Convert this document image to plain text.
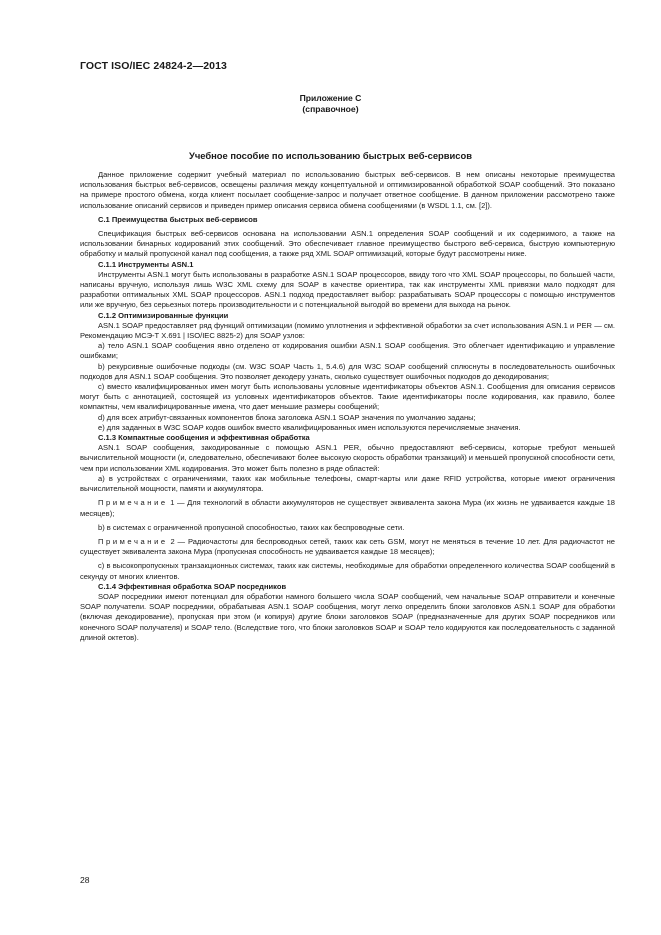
ГОСТ ISO/IEC 24824-2—2013
Приложение С
(справочное)
Учебное пособие по использованию быстрых веб-сервисов

Данное приложение содержит учебный материал по использованию быстрых веб-сервисов. В нем описаны некоторые преимущества использования быстрых веб-сервисов, освещены различия между концептуальной и оптимизированной обработкой SOAP сообщений. Это показано на примере простого обмена, когда клиент посылает сообщение-запрос и получает ответное сообщение. В данном приложении рассмотрено также использование описаний сервисов и приведен пример описания сервиса обмена сообщениями (в WSDL 1.1, см. [2]).

С.1 Преимущества быстрых веб-сервисов

Спецификация быстрых веб-сервисов основана на использовании ASN.1 определения SOAP сообщений и их содержимого, а также на использовании бинарных кодирований этих сообщений. Это обеспечивает главное преимущество быстрого веб-сервиса, быструю компьютерную обработку и малый пропускной канал под сообщения, а также ряд XML SOAP оптимизаций, которые будут рассмотрены ниже.

С.1.1 Инструменты ASN.1

Инструменты ASN.1 могут быть использованы в разработке ASN.1 SOAP процессоров, ввиду того что XML SOAP процессоры, по большей части, написаны вручную, используя лишь W3C XML схему для SOAP в качестве ориентира, так как инструменты XML привязки мало подходят для разработки оптимальных XML SOAP процессоров. ASN.1 подход предоставляет выбор: разрабатывать SOAP процессоры с помощью инструментов или же вручную, без серьезных потерь производительности и с потенциальной выгодой во времени для выхода на рынок.

С.1.2 Оптимизированные функции

ASN.1 SOAP предоставляет ряд функций оптимизации (помимо уплотнения и эффективной обработки за счет использования ASN.1 и PER — см. Рекомендацию МСЭ-Т X.691 | ISO/IEC 8825-2) для SOAP узлов:

а) тело ASN.1 SOAP сообщения явно отделено от кодирования ошибки ASN.1 SOAP сообщения. Это облегчает идентификацию и управление ошибками;

b) рекурсивные ошибочные подкоды (см. W3C SOAP Часть 1, 5.4.6) для W3C SOAP сообщений сплюснуты в последовательность ошибочных подкодов для ASN.1 SOAP сообщения. Это позволяет декодеру узнать, сколько существует ошибочных подкодов до декодирования;

с) вместо квалифицированных имен могут быть использованы условные идентификаторы объектов ASN.1. Сообщения для описания сервисов могут быть с аннотацией, состоящей из условных идентификаторов объектов. Такие идентификаторы после кодирования, как правило, более компактны, чем квалифицированные имена, что дает меньшие размеры сообщений;

d) для всех атрибут-связанных компонентов блока заголовка ASN.1 SOAP значения по умолчанию заданы;

е) для заданных в W3C SOAP кодов ошибок вместо квалифицированных имен используются перечисляемые значения.

С.1.3 Компактные сообщения и эффективная обработка

ASN.1 SOAP сообщения, закодированные с помощью ASN.1 PER, обычно предоставляют веб-сервисы, которые требуют меньшей вычислительной мощности (и, следовательно, обеспечивают более высокую скорость обработки транзакций) и меньшей пропускной способности сети, чем при использовании XML кодирования. Это может быть полезно в ряде областей:

а) в устройствах с ограничениями, таких как мобильные телефоны, смарт-карты или даже RFID устройства, которые имеют ограничения вычислительной мощности, памяти и аккумулятора.

Примечание 1 — Для технологий в области аккумуляторов не существует эквивалента закона Мура (их жизнь не удваивается каждые 18 месяцев);

b) в системах с ограниченной пропускной способностью, таких как беспроводные сети.

Примечание 2 — Радиочастоты для беспроводных сетей, таких как сеть GSM, могут не меняться в течение 10 лет. Для радиочастот не существует эквивалента закона Мура (пропускная способность не удваивается каждые 18 месяцев);

с) в высокопропускных транзакционных системах, таких как системы, необходимые для обработки определенного количества SOAP сообщений в секунду от многих клиентов.

С.1.4 Эффективная обработка SOAP посредников

SOAP посредники имеют потенциал для обработки намного большего числа SOAP сообщений, чем начальные SOAP отправители и конечные SOAP получатели. SOAP посредники, обрабатывая ASN.1 SOAP сообщения, могут легко определить блоки заголовков ASN.1 SOAP для обработки (включая декодирование), пропуская при этом (и копируя) другие блоки заголовков SOAP (предназначенные для других SOAP посредников или конечного SOAP получателя) и SOAP тело. (Вследствие того, что блоки заголовков SOAP и SOAP тело кодируются как последовательность с заданной длиной октетов).

28
